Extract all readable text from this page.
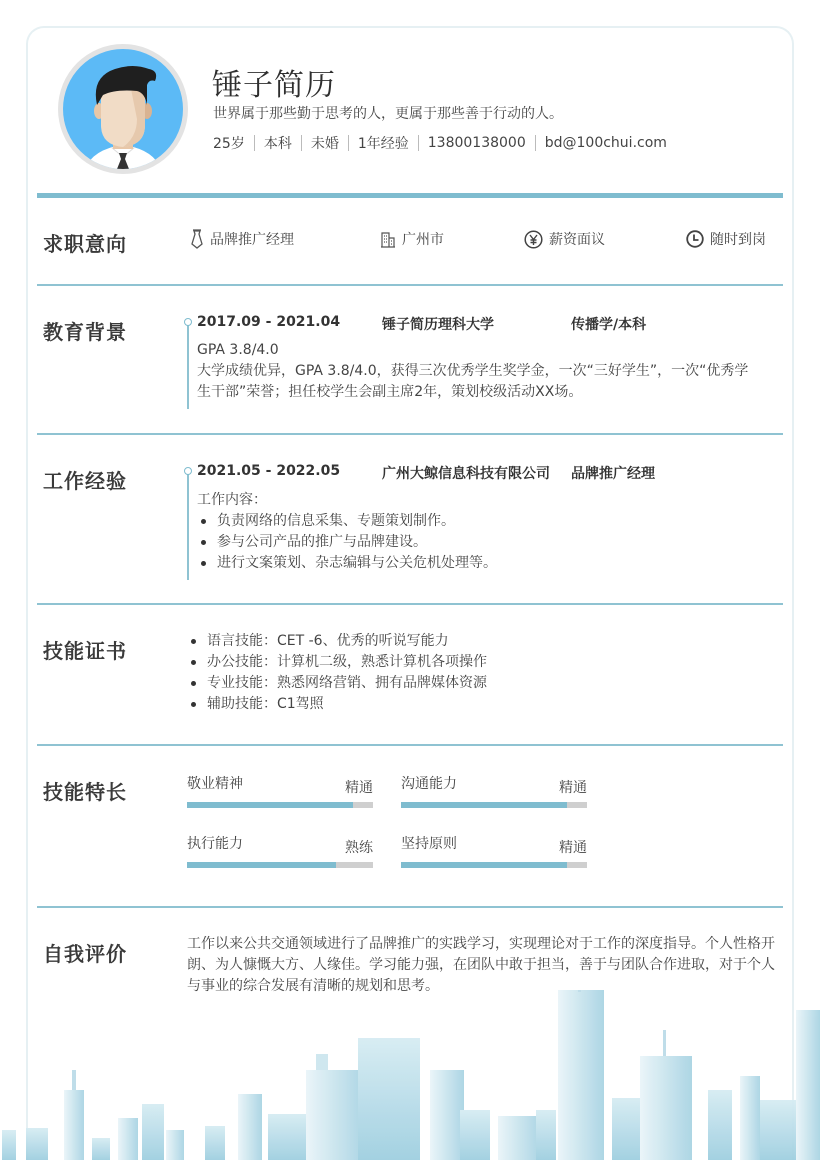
锤子简历
世界属于那些勤于思考的人，更属于那些善于行动的人。
25岁 本科 未婚 1年经验 13800138000 bd@100chui.com
求职意向	品牌推广经理	广州市	薪资面议	随时到岗
教育背景	2017.09 - 2021.04	锤子简历理科大学	传播学/本科
GPA 3.8/4.0
大学成绩优异，GPA 3.8/4.0，获得三次优秀学生奖学金，一次“三好学生”，一次“优秀学
生干部”荣誉；担任校学生会副主席2年，策划校级活动XX场。
工作经验	2021.05 - 2022.05	广州大鲸信息科技有限公司 品牌推广经理
工作内容：
负责网络的信息采集、专题策划制作。
参与公司产品的推广与品牌建设。
进行文案策划、杂志编辑与公关危机处理等。
技能证书	语言技能：CET -6、优秀的听说写能力
办公技能：计算机二级，熟悉计算机各项操作
专业技能：熟悉网络营销、拥有品牌媒体资源
辅助技能：C1驾照
技能特长	敬业精神	精通 沟通能力	精通
执行能力	熟练 坚持原则	精通
自我评价	工作以来公共交通领域进行了品牌推广的实践学习，实现理论对于工作的深度指导。个人性格开
朗、为人慷慨大方、人缘佳。学习能力强，在团队中敢于担当，善于与团队合作进取，对于个人
与事业的综合发展有清晰的规划和思考。
